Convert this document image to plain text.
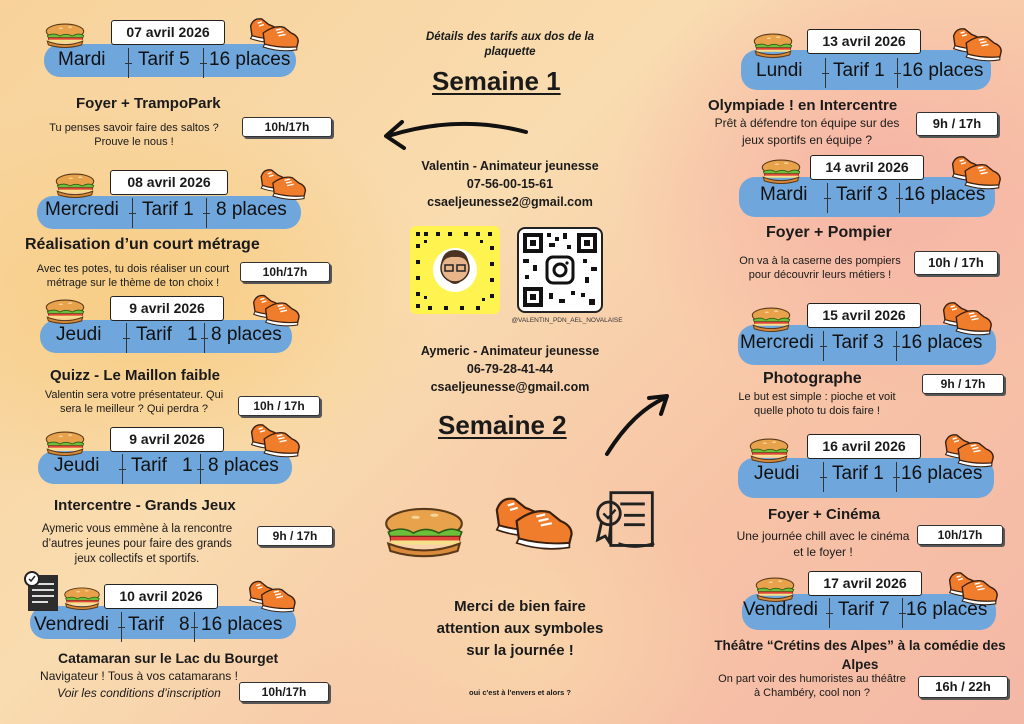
Détails des tarifs aux dos de la
plaquette
Semaine 1
Valentin - Animateur jeunesse
07-56-00-15-61
csaeljeunesse2@gmail.com
@VALENTIN_PDN_AEL_NOVALAISE
Aymeric - Animateur jeunesse
06-79-28-41-44
csaeljeunesse@gmail.com
Semaine 2
Merci de bien faire
attention aux symboles
sur la journée !
oui c'est à l'envers et alors ?
07 avril 2026
Mardi Tarif 5 16 places
Foyer + TrampoPark
Tu penses savoir faire des saltos ?
Prouve le nous !
10h/17h
08 avril 2026
Mercredi Tarif 1 8 places
Réalisation d’un court métrage
Avec tes potes, tu dois réaliser un court
métrage sur le thème de ton choix !
10h/17h
9 avril 2026
Jeudi Tarif 1 8 places
Quizz - Le Maillon faible
Valentin sera votre présentateur. Qui
sera le meilleur ? Qui perdra ?	10h / 17h
9 avril 2026
Jeudi Tarif 1 8 places
Intercentre - Grands Jeux
Aymeric vous emmène à la rencontre
d’autres jeunes pour faire des grands
jeux collectifs et sportifs.
9h / 17h
10 avril 2026
Vendredi Tarif 8 16 places
Catamaran sur le Lac du Bourget
Navigateur ! Tous à vos catamarans !
Voir les conditions d’inscription	10h/17h
13 avril 2026
Lundi Tarif 1 16 places
Olympiade ! en Intercentre
Prêt à défendre ton équipe sur des
jeux sportifs en équipe ?
9h / 17h
14 avril 2026
Mardi Tarif 3 16 places
Foyer + Pompier
On va à la caserne des pompiers
pour découvrir leurs métiers !
10h / 17h
15 avril 2026
Mercredi Tarif 3 16 places
Photographe
Le but est simple : pioche et voit
quelle photo tu dois faire !
9h / 17h
16 avril 2026
Jeudi Tarif 1 16 places
Foyer + Cinéma
Une journée chill avec le cinéma
et le foyer !
10h/17h
17 avril 2026
Vendredi Tarif 7 16 places
Théâtre “Crétins des Alpes” à la comédie des
Alpes
On part voir des humoristes au théâtre
à Chambéry, cool non ?	16h / 22h
